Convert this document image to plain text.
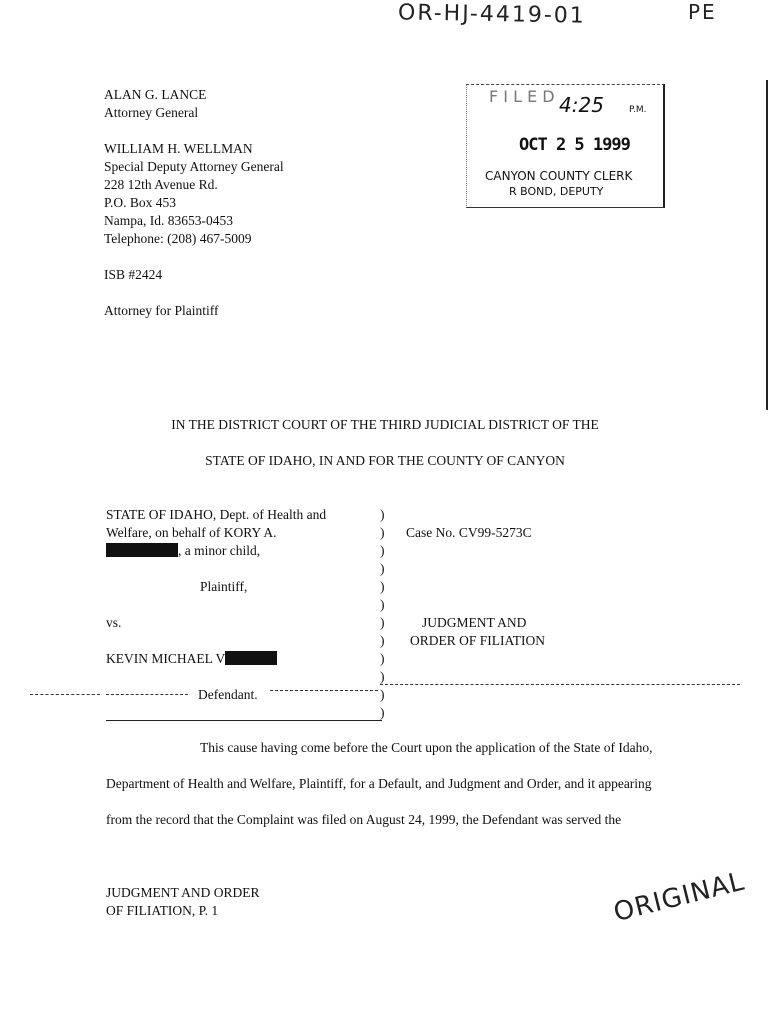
OR-HJ-4419-01	PE
ALAN G. LANCE
Attorney General
WILLIAM H. WELLMAN
Special Deputy Attorney General
228 12th Avenue Rd.
P.O. Box 453
Nampa, Id. 83653-0453
Telephone: (208) 467-5009
ISB #2424
Attorney for Plaintiff
F I L E D 4:25	P.M.
OCT 2 5 1999
CANYON COUNTY CLERK
R BOND, DEPUTY
IN THE DISTRICT COURT OF THE THIRD JUDICIAL DISTRICT OF THE
STATE OF IDAHO, IN AND FOR THE COUNTY OF CANYON
STATE OF IDAHO, Dept. of Health and
Welfare, on behalf of KORY A.
, a minor child,
Plaintiff,
vs.
KEVIN MICHAEL V
Defendant.
)
)
)
)
)
)
)
)
)
)
)
)
Case No. CV99-5273C
JUDGMENT AND
ORDER OF FILIATION
This cause having come before the Court upon the application of the State of Idaho,
Department of Health and Welfare, Plaintiff, for a Default, and Judgment and Order, and it appearing
from the record that the Complaint was filed on August 24, 1999, the Defendant was served the
JUDGMENT AND ORDER
OF FILIATION, P. 1	ORIGINAL
